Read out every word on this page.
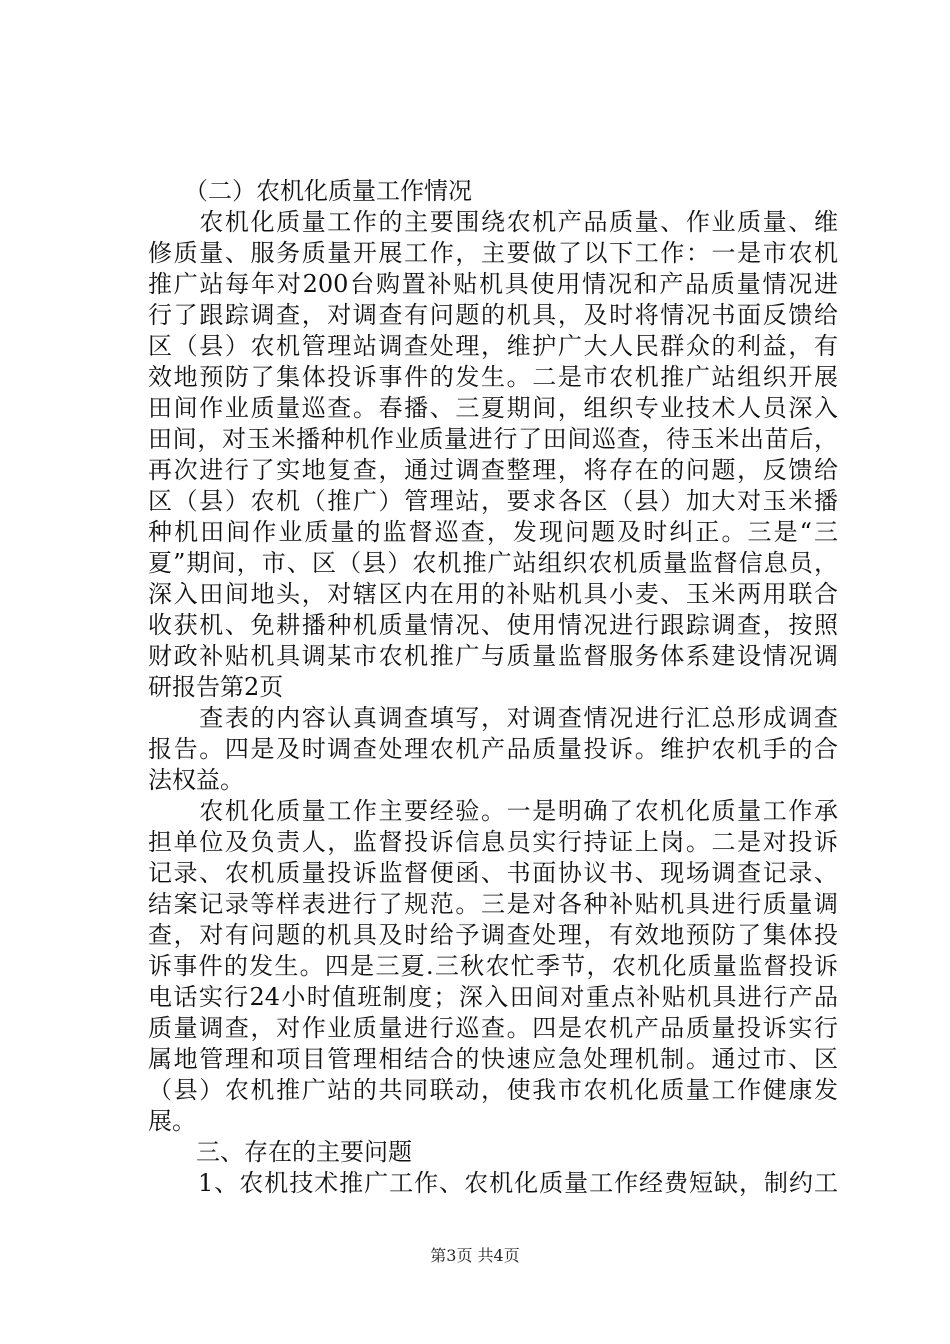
　　（二）农机化质量工作情况
　　农机化质量工作的主要围绕农机产品质量、作业质量、维
修质量、服务质量开展工作，主要做了以下工作：一是市农机
推广站每年对200台购置补贴机具使用情况和产品质量情况进
行了跟踪调查，对调查有问题的机具，及时将情况书面反馈给
区（县）农机管理站调查处理，维护广大人民群众的利益，有
效地预防了集体投诉事件的发生。二是市农机推广站组织开展
田间作业质量巡查。春播、三夏期间，组织专业技术人员深入
田间，对玉米播种机作业质量进行了田间巡查，待玉米出苗后，
再次进行了实地复查，通过调查整理，将存在的问题，反馈给
区（县）农机（推广）管理站，要求各区（县）加大对玉米播
种机田间作业质量的监督巡查，发现问题及时纠正。三是“三
夏”期间，市、区（县）农机推广站组织农机质量监督信息员，
深入田间地头，对辖区内在用的补贴机具小麦、玉米两用联合
收获机、免耕播种机质量情况、使用情况进行跟踪调查，按照
财政补贴机具调某市农机推广与质量监督服务体系建设情况调
研报告第2页
　　查表的内容认真调查填写，对调查情况进行汇总形成调查
报告。四是及时调查处理农机产品质量投诉。维护农机手的合
法权益。
　　农机化质量工作主要经验。一是明确了农机化质量工作承
担单位及负责人，监督投诉信息员实行持证上岗。二是对投诉
记录、农机质量投诉监督便函、书面协议书、现场调查记录、
结案记录等样表进行了规范。三是对各种补贴机具进行质量调
查，对有问题的机具及时给予调查处理，有效地预防了集体投
诉事件的发生。四是三夏.三秋农忙季节，农机化质量监督投诉
电话实行24小时值班制度；深入田间对重点补贴机具进行产品
质量调查，对作业质量进行巡查。四是农机产品质量投诉实行
属地管理和项目管理相结合的快速应急处理机制。通过市、区
（县）农机推广站的共同联动，使我市农机化质量工作健康发
展。
　　三、存在的主要问题
　　1、农机技术推广工作、农机化质量工作经费短缺，制约工
第3页 共4页
